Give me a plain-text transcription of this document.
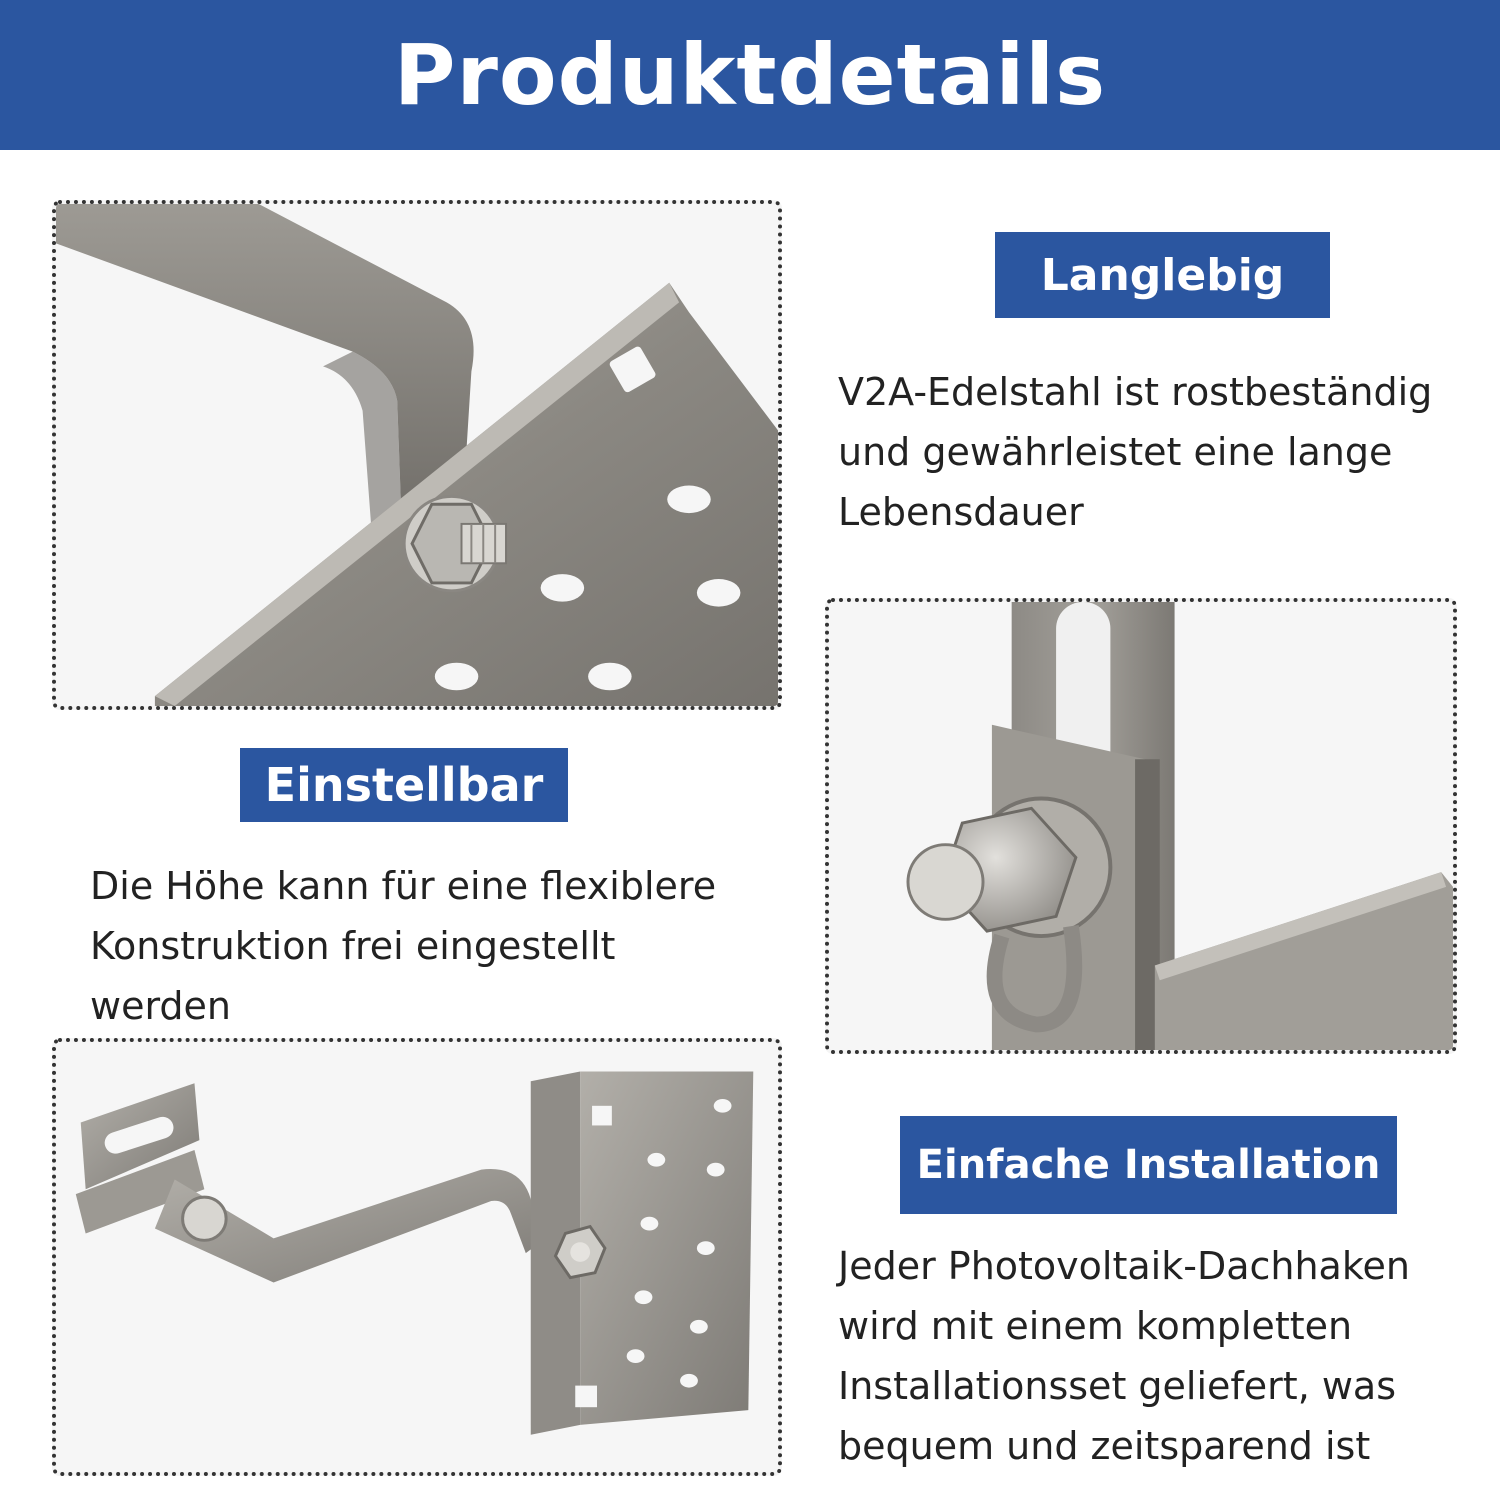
Produktdetails
Langlebig
V2A-Edelstahl ist rostbeständig
und gewährleistet eine lange
Lebensdauer
Einstellbar
Die Höhe kann für eine flexiblere
Konstruktion frei eingestellt
werden
Einfache Installation
Jeder Photovoltaik-Dachhaken
wird mit einem kompletten
Installationsset geliefert, was
bequem und zeitsparend ist
